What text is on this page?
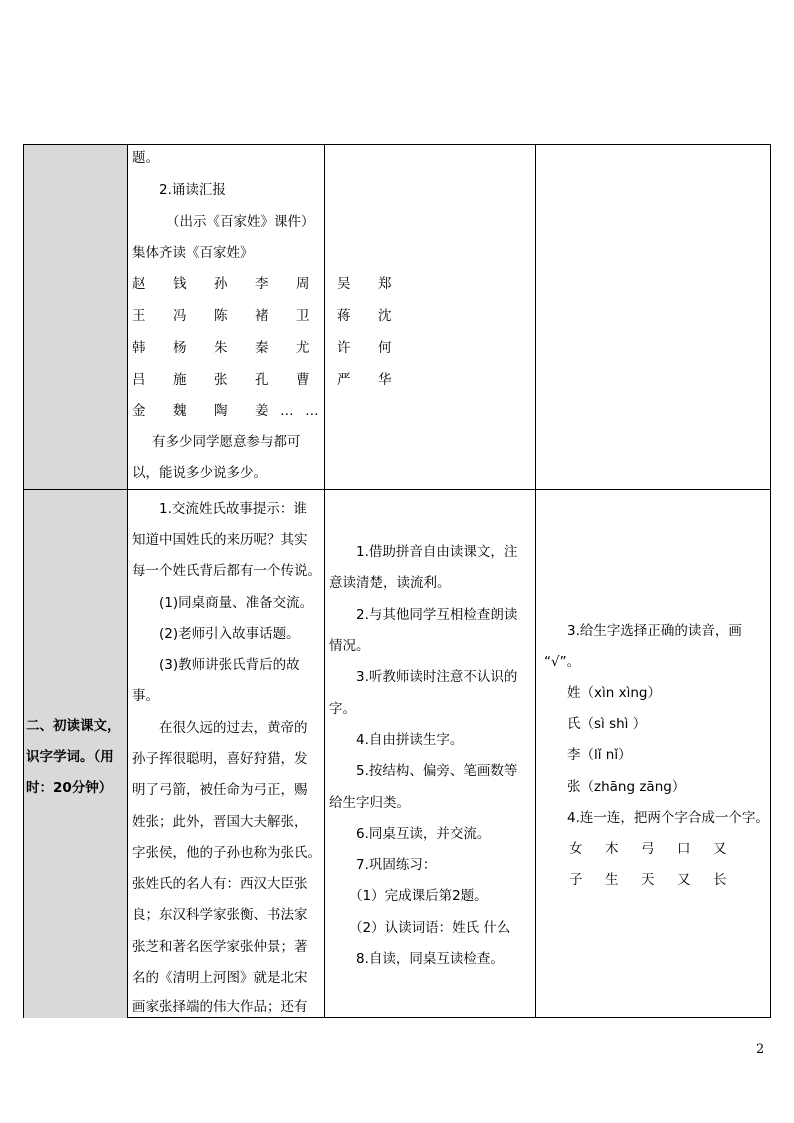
题。
2.诵读汇报
（出示《百家姓》课件）
集体齐读《百家姓》
赵 钱 孙 李 周 吴 郑
王 冯 陈 褚 卫 蒋 沈
韩 杨 朱 秦 尤 许 何
吕 施 张 孔 曹 严 华
金 魏 陶 姜……
有多少同学愿意参与都可
以，能说多少说多少。
二、初读课文，
识字学词。（用
时：20分钟）
1.交流姓氏故事提示：谁
知道中国姓氏的来历呢？其实
每一个姓氏背后都有一个传说。
(1)同桌商量、准备交流。
(2)老师引入故事话题。
(3)教师讲张氏背后的故
事。
在很久远的过去，黄帝的
孙子挥很聪明，喜好狩猎，发
明了弓箭，被任命为弓正，赐
姓张；此外，晋国大夫解张，
字张侯，他的子孙也称为张氏。
张姓氏的名人有：西汉大臣张
良；东汉科学家张衡、书法家
张芝和著名医学家张仲景；著
名的《清明上河图》就是北宋
画家张择端的伟大作品；还有
1.借助拼音自由读课文，注
意读清楚，读流利。
2.与其他同学互相检查朗读
情况。
3.听教师读时注意不认识的
字。
4.自由拼读生字。
5.按结构、偏旁、笔画数等
给生字归类。
6.同桌互读，并交流。
7.巩固练习：
（1）完成课后第2题。
（2）认读词语：姓氏 什么
8.自读，同桌互读检查。
3.给生字选择正确的读音，画
“√”。
姓（xìn xìng）
氏（sì shì ）
李（lǐ nǐ）
张（zhāng zāng）
4.连一连，把两个字合成一个字。
女 木 弓 口 又
子 生 天 又 长
2
